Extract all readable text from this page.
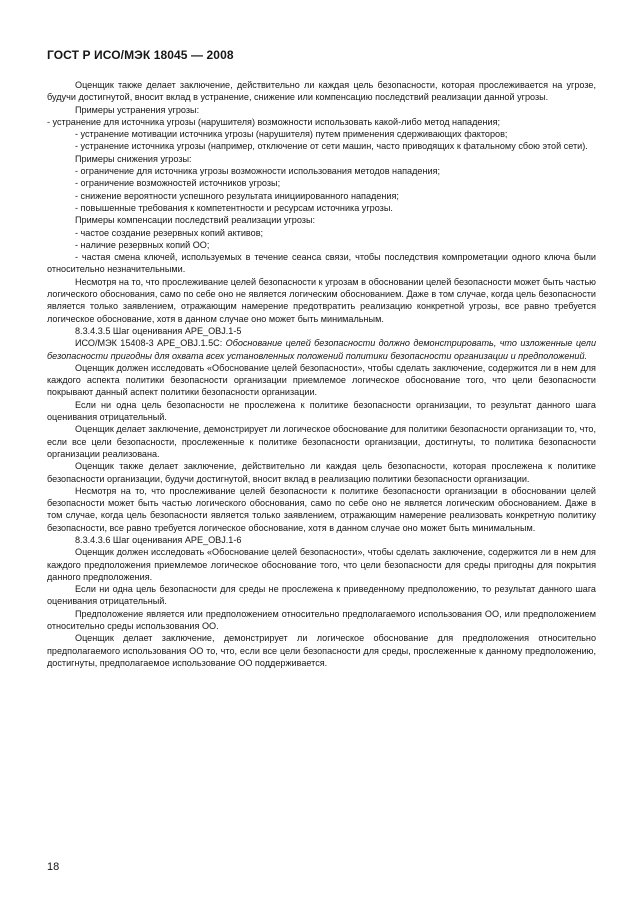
ГОСТ Р ИСО/МЭК 18045 — 2008

Оценщик также делает заключение, действительно ли каждая цель безопасности, которая прослеживается на угрозе, будучи достигнутой, вносит вклад в устранение, снижение или компенсацию последствий реализации данной угрозы.

Примеры устранения угрозы:

- устранение для источника угрозы (нарушителя) возможности использовать какой-либо метод нападения;

- устранение мотивации источника угрозы (нарушителя) путем применения сдерживающих факторов;

- устранение источника угрозы (например, отключение от сети машин, часто приводящих к фатальному сбою этой сети).

Примеры снижения угрозы:

- ограничение для источника угрозы возможности использования методов нападения;

- ограничение возможностей источников угрозы;

- снижение вероятности успешного результата инициированного нападения;

- повышенные требования к компетентности и ресурсам источника угрозы.

Примеры компенсации последствий реализации угрозы:

- частое создание резервных копий активов;

- наличие резервных копий ОО;

- частая смена ключей, используемых в течение сеанса связи, чтобы последствия компрометации одного ключа были относительно незначительными.

Несмотря на то, что прослеживание целей безопасности к угрозам в обосновании целей безопасности может быть частью логического обоснования, само по себе оно не является логическим обоснованием. Даже в том случае, когда цель безопасности является только заявлением, отражающим намерение предотвратить реализацию конкретной угрозы, все равно требуется логическое обоснование, хотя в данном случае оно может быть минимальным.

8.3.4.3.5 Шаг оценивания APE_OBJ.1-5

ИСО/МЭК 15408-3 APE_OBJ.1.5C: Обоснование целей безопасности должно демонстрировать, что изложенные цели безопасности пригодны для охвата всех установленных положений политики безопасности организации и предположений.

Оценщик должен исследовать «Обоснование целей безопасности», чтобы сделать заключение, содержится ли в нем для каждого аспекта политики безопасности организации приемлемое логическое обоснование того, что цели безопасности покрывают данный аспект политики безопасности организации.

Если ни одна цель безопасности не прослежена к политике безопасности организации, то результат данного шага оценивания отрицательный.

Оценщик делает заключение, демонстрирует ли логическое обоснование для политики безопасности организации то, что, если все цели безопасности, прослеженные к политике безопасности организации, достигнуты, то политика безопасности организации реализована.

Оценщик также делает заключение, действительно ли каждая цель безопасности, которая прослежена к политике безопасности организации, будучи достигнутой, вносит вклад в реализацию политики безопасности организации.

Несмотря на то, что прослеживание целей безопасности к политике безопасности организации в обосновании целей безопасности может быть частью логического обоснования, само по себе оно не является логическим обоснованием. Даже в том случае, когда цель безопасности является только заявлением, отражающим намерение реализовать конкретную политику безопасности, все равно требуется логическое обоснование, хотя в данном случае оно может быть минимальным.

8.3.4.3.6 Шаг оценивания APE_OBJ.1-6

Оценщик должен исследовать «Обоснование целей безопасности», чтобы сделать заключение, содержится ли в нем для каждого предположения приемлемое логическое обоснование того, что цели безопасности для среды пригодны для покрытия данного предположения.

Если ни одна цель безопасности для среды не прослежена к приведенному предположению, то результат данного шага оценивания отрицательный.

Предположение является или предположением относительно предполагаемого использования ОО, или предположением относительно среды использования ОО.

Оценщик делает заключение, демонстрирует ли логическое обоснование для предположения относительно предполагаемого использования ОО то, что, если все цели безопасности для среды, прослеженные к данному предположению, достигнуты, предполагаемое использование ОО поддерживается.

18
